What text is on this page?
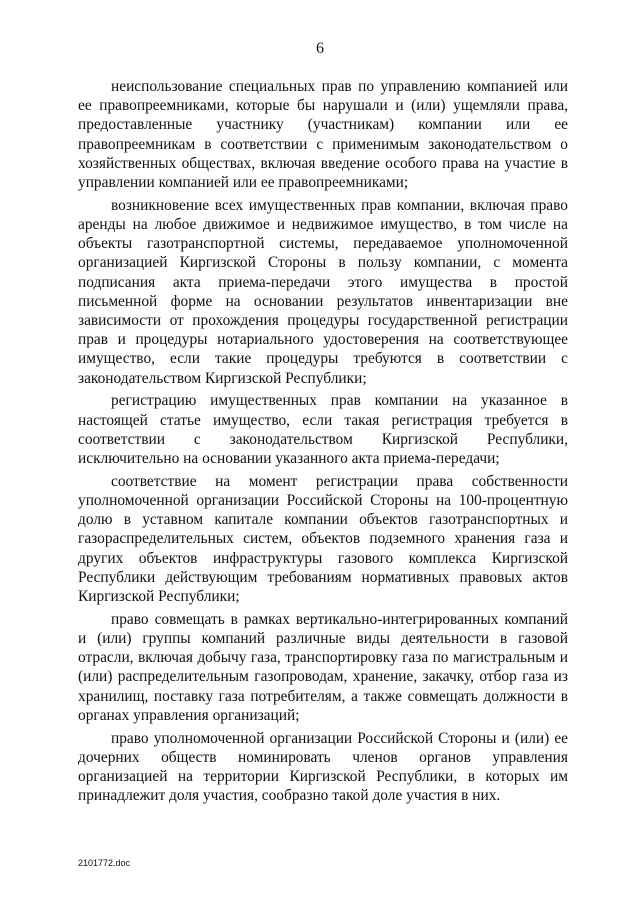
6

неиспользование специальных прав по управлению компанией или ее правопреемниками, которые бы нарушали и (или) ущемляли права, предоставленные участнику (участникам) компании или ее правопреемникам в соответствии с применимым законодательством о хозяйственных обществах, включая введение особого права на участие в управлении компанией или ее правопреемниками;

возникновение всех имущественных прав компании, включая право аренды на любое движимое и недвижимое имущество, в том числе на объекты газотранспортной системы, передаваемое уполномоченной организацией Киргизской Стороны в пользу компании, с момента подписания акта приема-передачи этого имущества в простой письменной форме на основании результатов инвентаризации вне зависимости от прохождения процедуры государственной регистрации прав и процедуры нотариального удостоверения на соответствующее имущество, если такие процедуры требуются в соответствии с законодательством Киргизской Республики;

регистрацию имущественных прав компании на указанное в настоящей статье имущество, если такая регистрация требуется в соответствии с законодательством Киргизской Республики, исключительно на основании указанного акта приема-передачи;

соответствие на момент регистрации права собственности уполномоченной организации Российской Стороны на 100-процентную долю в уставном капитале компании объектов газотранспортных и газораспределительных систем, объектов подземного хранения газа и других объектов инфраструктуры газового комплекса Киргизской Республики действующим требованиям нормативных правовых актов Киргизской Республики;

право совмещать в рамках вертикально-интегрированных компаний и (или) группы компаний различные виды деятельности в газовой отрасли, включая добычу газа, транспортировку газа по магистральным и (или) распределительным газопроводам, хранение, закачку, отбор газа из хранилищ, поставку газа потребителям, а также совмещать должности в органах управления организаций;

право уполномоченной организации Российской Стороны и (или) ее дочерних обществ номинировать членов органов управления организацией на территории Киргизской Республики, в которых им принадлежит доля участия, сообразно такой доле участия в них.

2101772.doc
